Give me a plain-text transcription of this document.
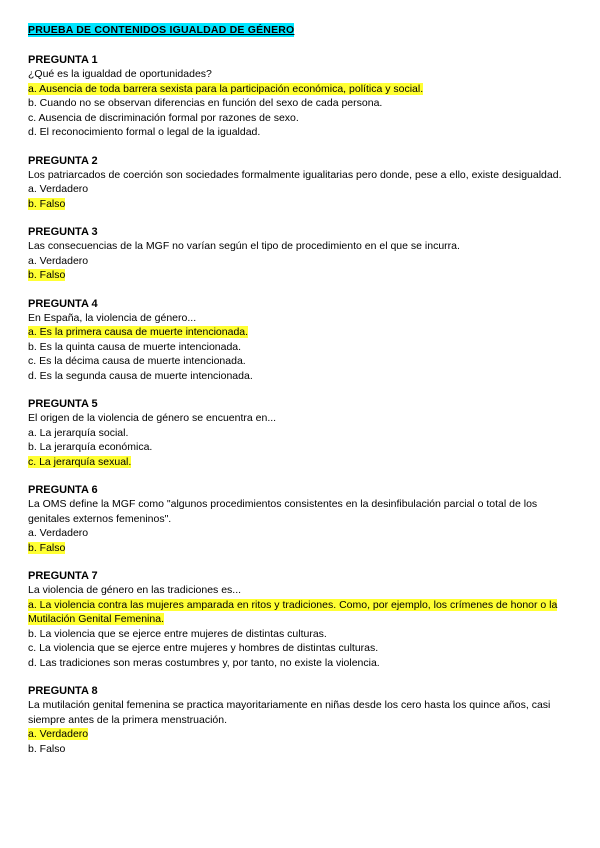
PRUEBA DE CONTENIDOS IGUALDAD DE GÉNERO

PREGUNTA 1

¿Qué es la igualdad de oportunidades?

a. Ausencia de toda barrera sexista para la participación económica, política y social.

b. Cuando no se observan diferencias en función del sexo de cada persona.

c. Ausencia de discriminación formal por razones de sexo.

d. El reconocimiento formal o legal de la igualdad.

PREGUNTA 2

Los patriarcados de coerción son sociedades formalmente igualitarias pero donde, pese a ello, existe desigualdad.

a. Verdadero

b. Falso

PREGUNTA 3

Las consecuencias de la MGF no varían según el tipo de procedimiento en el que se incurra.

a. Verdadero

b. Falso

PREGUNTA 4

En España, la violencia de género...

a. Es la primera causa de muerte intencionada.

b. Es la quinta causa de muerte intencionada.

c. Es la décima causa de muerte intencionada.

d. Es la segunda causa de muerte intencionada.

PREGUNTA 5

El origen de la violencia de género se encuentra en...

a. La jerarquía social.

b. La jerarquía económica.

c. La jerarquía sexual.

PREGUNTA 6

La OMS define la MGF como "algunos procedimientos consistentes en la desinfibulación parcial o total de los genitales externos femeninos".

a. Verdadero

b. Falso

PREGUNTA 7

La violencia de género en las tradiciones es...

a. La violencia contra las mujeres amparada en ritos y tradiciones. Como, por ejemplo, los crímenes de honor o la Mutilación Genital Femenina.

b. La violencia que se ejerce entre mujeres de distintas culturas.

c. La violencia que se ejerce entre mujeres y hombres de distintas culturas.

d. Las tradiciones son meras costumbres y, por tanto, no existe la violencia.

PREGUNTA 8

La mutilación genital femenina se practica mayoritariamente en niñas desde los cero hasta los quince años, casi siempre antes de la primera menstruación.

a. Verdadero

b. Falso
